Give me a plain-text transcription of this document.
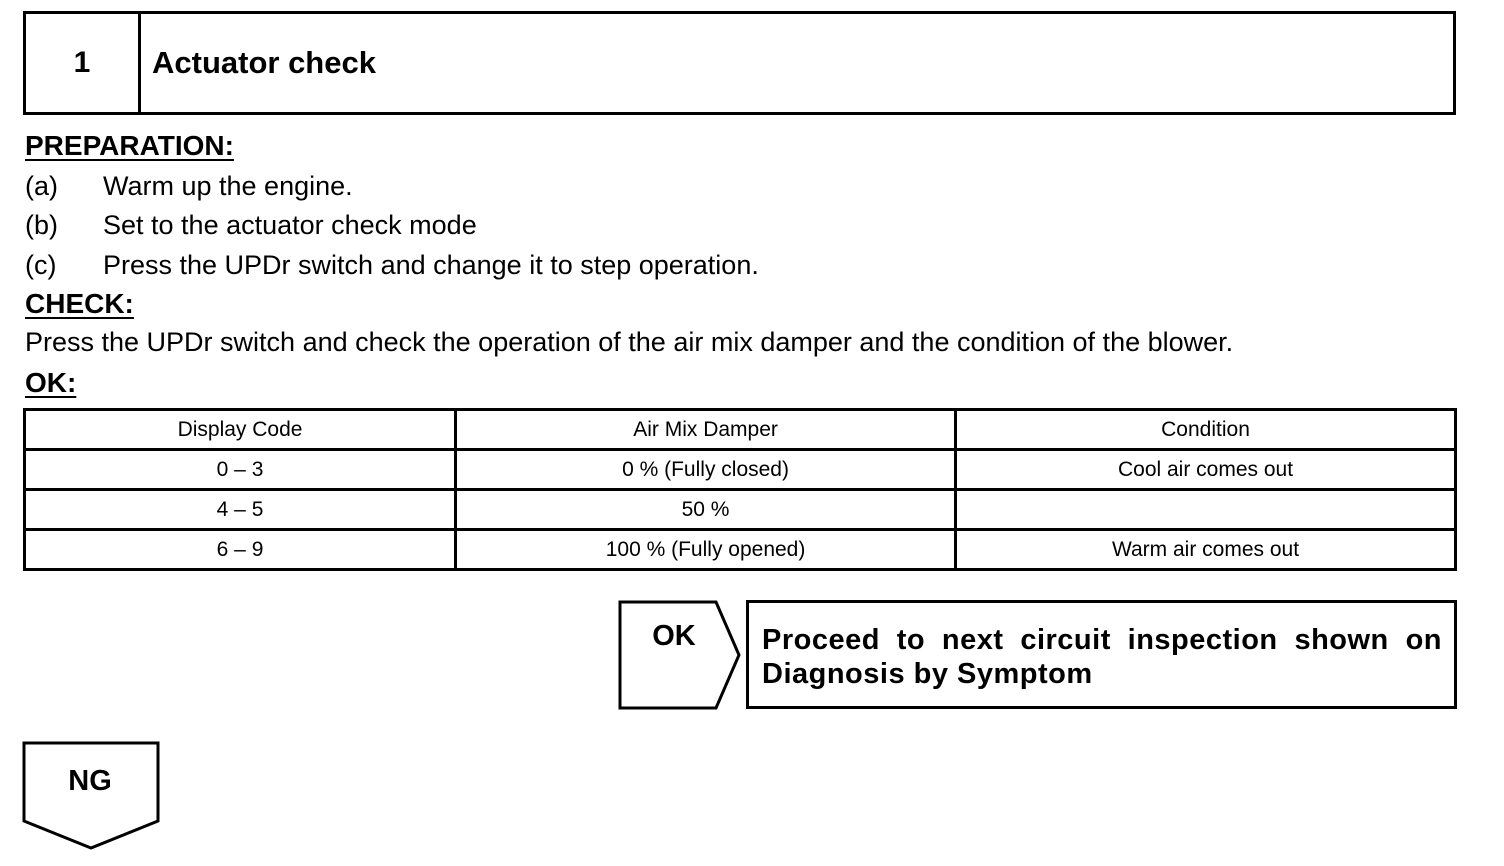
1	Actuator check
PREPARATION:
(a) Warm up the engine.
(b) Set to the actuator check mode
(c) Press the UPDr switch and change it to step operation.
CHECK:
Press the UPDr switch and check the operation of the air mix damper and the condition of the blower.
OK:
Display Code	Air Mix Damper	Condition
0 – 3	0 % (Fully closed)	Cool air comes out
4 – 5	50 %	
6 – 9	100 % (Fully opened)	Warm air comes out
OK	Proceed to next circuit inspection shown on Diagnosis by Symptom
NG
